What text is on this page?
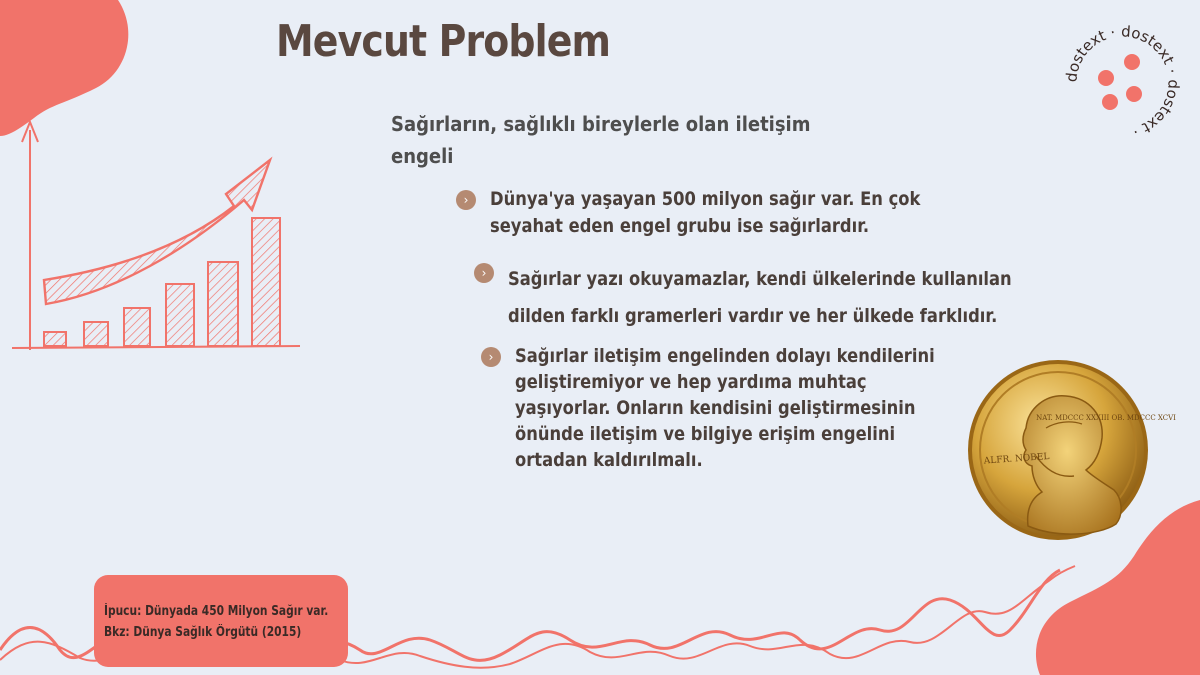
Mevcut Problem

Sağırların, sağlıklı bireylerle olan iletişim engeli

›	Dünya'ya yaşayan 500 milyon sağır var. En çok
seyahat eden engel grubu ise sağırlardır.
›	Sağırlar yazı okuyamazlar, kendi ülkelerinde kullanılan
dilden farklı gramerleri vardır ve her ülkede farklıdır.
›	Sağırlar iletişim engelinden dolayı kendilerini
geliştiremiyor ve hep yardıma muhtaç
yaşıyorlar. Onların kendisini geliştirmesinin
önünde iletişim ve bilgiye erişim engelini
ortadan kaldırılmalı.
dostext · dostext · dostext ·
ALFR. NOBEL
NAT. MDCCC XXXIII OB. MDCCC XCVI
İpucu: Dünyada 450 Milyon Sağır var.
Bkz: Dünya Sağlık Örgütü (2015)
